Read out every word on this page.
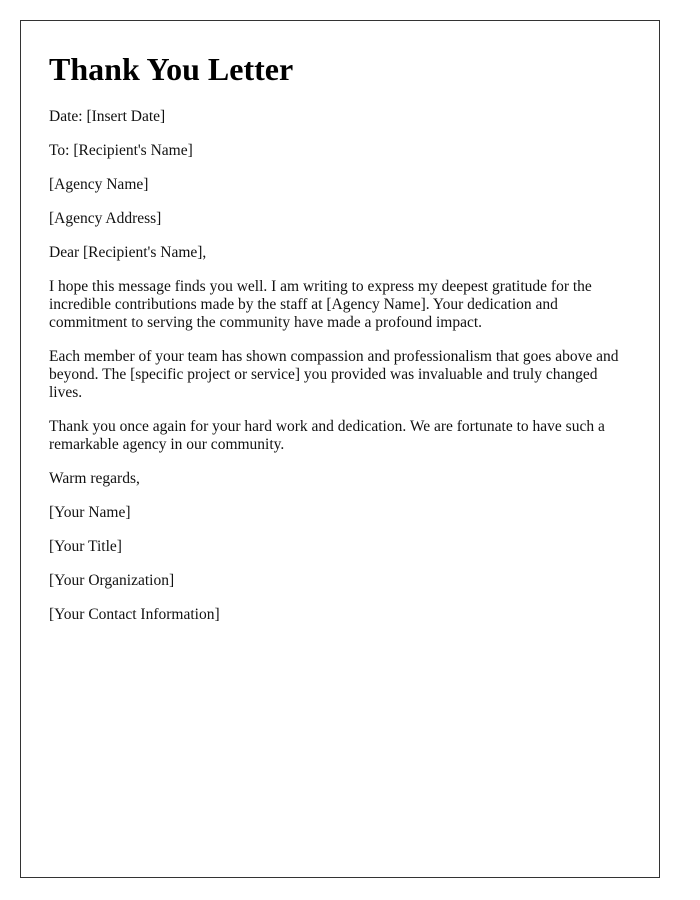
Thank You Letter

Date: [Insert Date]

To: [Recipient's Name]

[Agency Name]

[Agency Address]

Dear [Recipient's Name],

I hope this message finds you well. I am writing to express my deepest gratitude for the incredible contributions made by the staff at [Agency Name]. Your dedication and commitment to serving the community have made a profound impact.

Each member of your team has shown compassion and professionalism that goes above and beyond. The [specific project or service] you provided was invaluable and truly changed lives.

Thank you once again for your hard work and dedication. We are fortunate to have such a remarkable agency in our community.

Warm regards,

[Your Name]

[Your Title]

[Your Organization]

[Your Contact Information]
